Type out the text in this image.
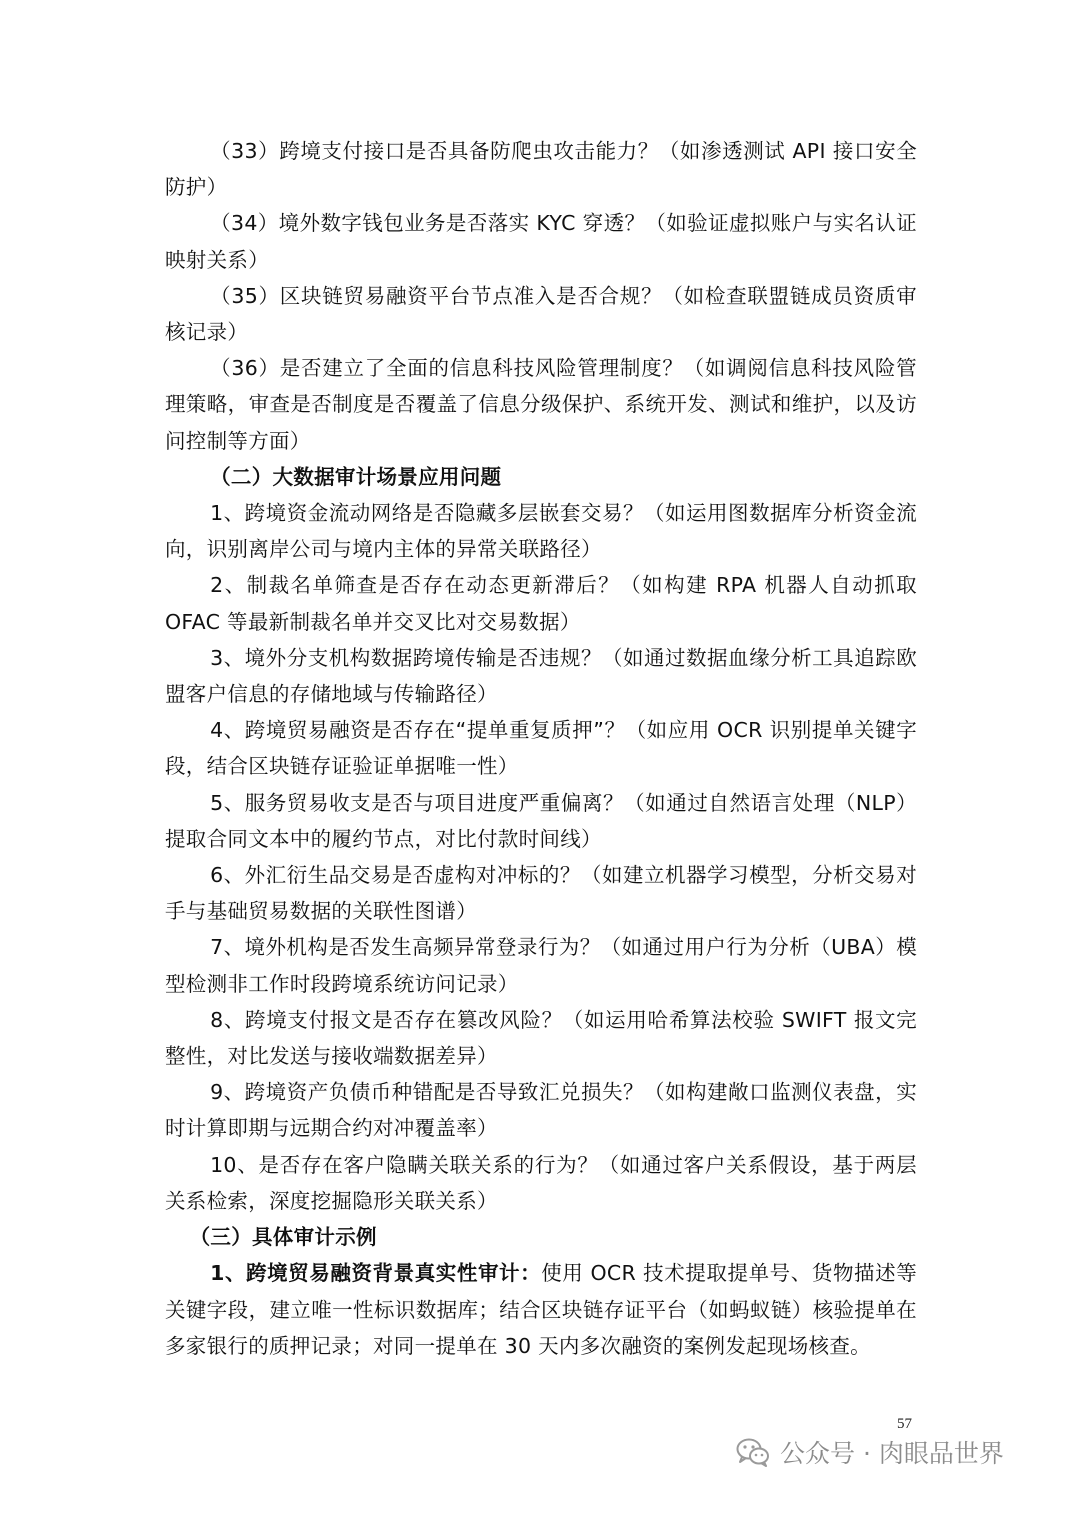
（33）跨境支付接口是否具备防爬虫攻击能力？（如渗透测试 API 接口安全防护）

（34）境外数字钱包业务是否落实 KYC 穿透？（如验证虚拟账户与实名认证映射关系）

（35）区块链贸易融资平台节点准入是否合规？（如检查联盟链成员资质审核记录）

（36）是否建立了全面的信息科技风险管理制度？（如调阅信息科技风险管理策略，审查是否制度是否覆盖了信息分级保护、系统开发、测试和维护，以及访问控制等方面）

（二）大数据审计场景应用问题

1、跨境资金流动网络是否隐藏多层嵌套交易？（如运用图数据库分析资金流向，识别离岸公司与境内主体的异常关联路径）

2、制裁名单筛查是否存在动态更新滞后？（如构建 RPA 机器人自动抓取 OFAC 等最新制裁名单并交叉比对交易数据）

3、境外分支机构数据跨境传输是否违规？（如通过数据血缘分析工具追踪欧盟客户信息的存储地域与传输路径）

4、跨境贸易融资是否存在“提单重复质押”？（如应用 OCR 识别提单关键字段，结合区块链存证验证单据唯一性）

5、服务贸易收支是否与项目进度严重偏离？（如通过自然语言处理（NLP）提取合同文本中的履约节点，对比付款时间线）

6、外汇衍生品交易是否虚构对冲标的？（如建立机器学习模型，分析交易对手与基础贸易数据的关联性图谱）

7、境外机构是否发生高频异常登录行为？（如通过用户行为分析（UBA）模型检测非工作时段跨境系统访问记录）

8、跨境支付报文是否存在篡改风险？（如运用哈希算法校验 SWIFT 报文完整性，对比发送与接收端数据差异）

9、跨境资产负债币种错配是否导致汇兑损失？（如构建敞口监测仪表盘，实时计算即期与远期合约对冲覆盖率）

10、是否存在客户隐瞒关联关系的行为？（如通过客户关系假设，基于两层关系检索，深度挖掘隐形关联关系）

（三）具体审计示例

1、跨境贸易融资背景真实性审计：使用 OCR 技术提取提单号、货物描述等关键字段，建立唯一性标识数据库；结合区块链存证平台（如蚂蚁链）核验提单在多家银行的质押记录；对同一提单在 30 天内多次融资的案例发起现场核查。

57
公众号 · 肉眼品世界
